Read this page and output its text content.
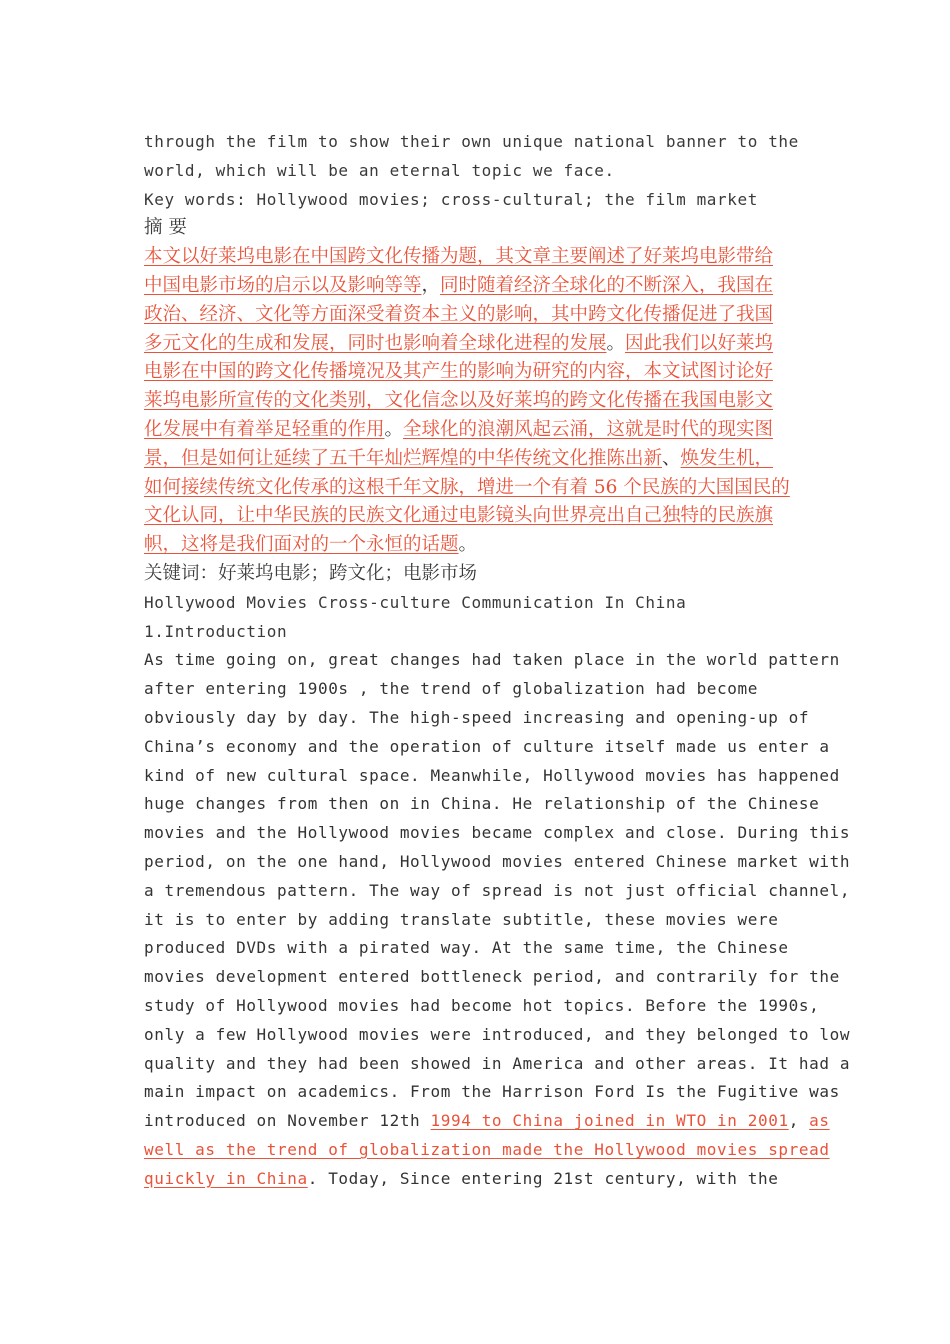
through the film to show their own unique national banner to the

world, which will be an eternal topic we face.

Key words: Hollywood movies; cross-cultural; the film market

摘 要

本文以好莱坞电影在中国跨文化传播为题，其文章主要阐述了好莱坞电影带给

中国电影市场的启示以及影响等等，同时随着经济全球化的不断深入，我国在

政治、经济、文化等方面深受着资本主义的影响，其中跨文化传播促进了我国

多元文化的生成和发展，同时也影响着全球化进程的发展。因此我们以好莱坞

电影在中国的跨文化传播境况及其产生的影响为研究的内容，本文试图讨论好

莱坞电影所宣传的文化类别，文化信念以及好莱坞的跨文化传播在我国电影文

化发展中有着举足轻重的作用。全球化的浪潮风起云涌，这就是时代的现实图

景，但是如何让延续了五千年灿烂辉煌的中华传统文化推陈出新、焕发生机，

如何接续传统文化传承的这根千年文脉，增进一个有着 56 个民族的大国国民的

文化认同，让中华民族的民族文化通过电影镜头向世界亮出自己独特的民族旗

帜，这将是我们面对的一个永恒的话题。

关键词：好莱坞电影；跨文化；电影市场

Hollywood Movies Cross-culture Communication In China

1.Introduction

As time going on, great changes had taken place in the world pattern

after entering 1900s , the trend of globalization had become

obviously day by day. The high-speed increasing and opening-up of

China’s economy and the operation of culture itself made us enter a

kind of new cultural space. Meanwhile, Hollywood movies has happened

huge changes from then on in China. He relationship of the Chinese

movies and the Hollywood movies became complex and close. During this

period, on the one hand, Hollywood movies entered Chinese market with

a tremendous pattern. The way of spread is not just official channel,

it is to enter by adding translate subtitle, these movies were

produced DVDs with a pirated way. At the same time, the Chinese

movies development entered bottleneck period, and contrarily for the

study of Hollywood movies had become hot topics. Before the 1990s,

only a few Hollywood movies were introduced, and they belonged to low

quality and they had been showed in America and other areas. It had a

main impact on academics. From the Harrison Ford Is the Fugitive was

introduced on November 12th 1994 to China joined in WTO in 2001, as

well as the trend of globalization made the Hollywood movies spread

quickly in China. Today, Since entering 21st century, with the
